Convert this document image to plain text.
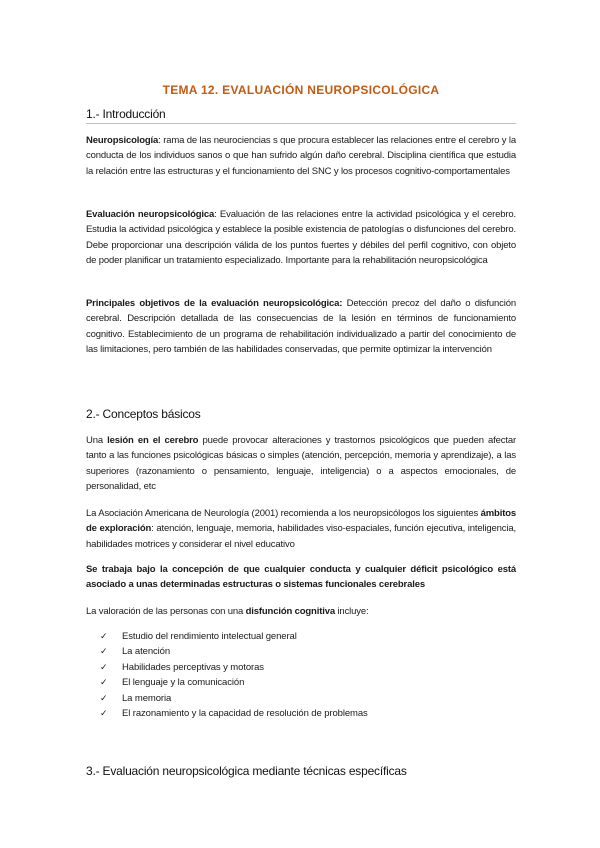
TEMA 12. EVALUACIÓN NEUROPSICOLÓGICA
1.- Introducción
Neuropsicología: rama de las neurociencias s que procura establecer las relaciones entre el cerebro y la conducta de los individuos sanos o que han sufrido algún daño cerebral. Disciplina científica que estudia la relación entre las estructuras y el funcionamiento del SNC y los procesos cognitivo-comportamentales
Evaluación neuropsicológica: Evaluación de las relaciones entre la actividad psicológica y el cerebro. Estudia la actividad psicológica y establece la posible existencia de patologías o disfunciones del cerebro. Debe proporcionar una descripción válida de los puntos fuertes y débiles del perfil cognitivo, con objeto de poder planificar un tratamiento especializado. Importante para la rehabilitación neuropsicológica
Principales objetivos de la evaluación neuropsicológica: Detección precoz del daño o disfunción cerebral. Descripción detallada de las consecuencias de la lesión en términos de funcionamiento cognitivo. Establecimiento de un programa de rehabilitación individualizado a partir del conocimiento de las limitaciones, pero también de las habilidades conservadas, que permite optimizar la intervención
2.- Conceptos básicos
Una lesión en el cerebro puede provocar alteraciones y trastornos psicológicos que pueden afectar tanto a las funciones psicológicas básicas o simples (atención, percepción, memoria y aprendizaje), a las superiores (razonamiento o pensamiento, lenguaje, inteligencia) o a aspectos emocionales, de personalidad, etc
La Asociación Americana de Neurología (2001) recomienda a los neuropsicólogos los siguientes ámbitos de exploración: atención, lenguaje, memoria, habilidades viso-espaciales, función ejecutiva, inteligencia, habilidades motrices y considerar el nivel educativo
Se trabaja bajo la concepción de que cualquier conducta y cualquier déficit psicológico está asociado a unas determinadas estructuras o sistemas funcionales cerebrales
La valoración de las personas con una disfunción cognitiva incluye:
✓	Estudio del rendimiento intelectual general
✓	La atención
✓	Habilidades perceptivas y motoras
✓	El lenguaje y la comunicación
✓	La memoria
✓	El razonamiento y la capacidad de resolución de problemas
3.- Evaluación neuropsicológica mediante técnicas específicas
